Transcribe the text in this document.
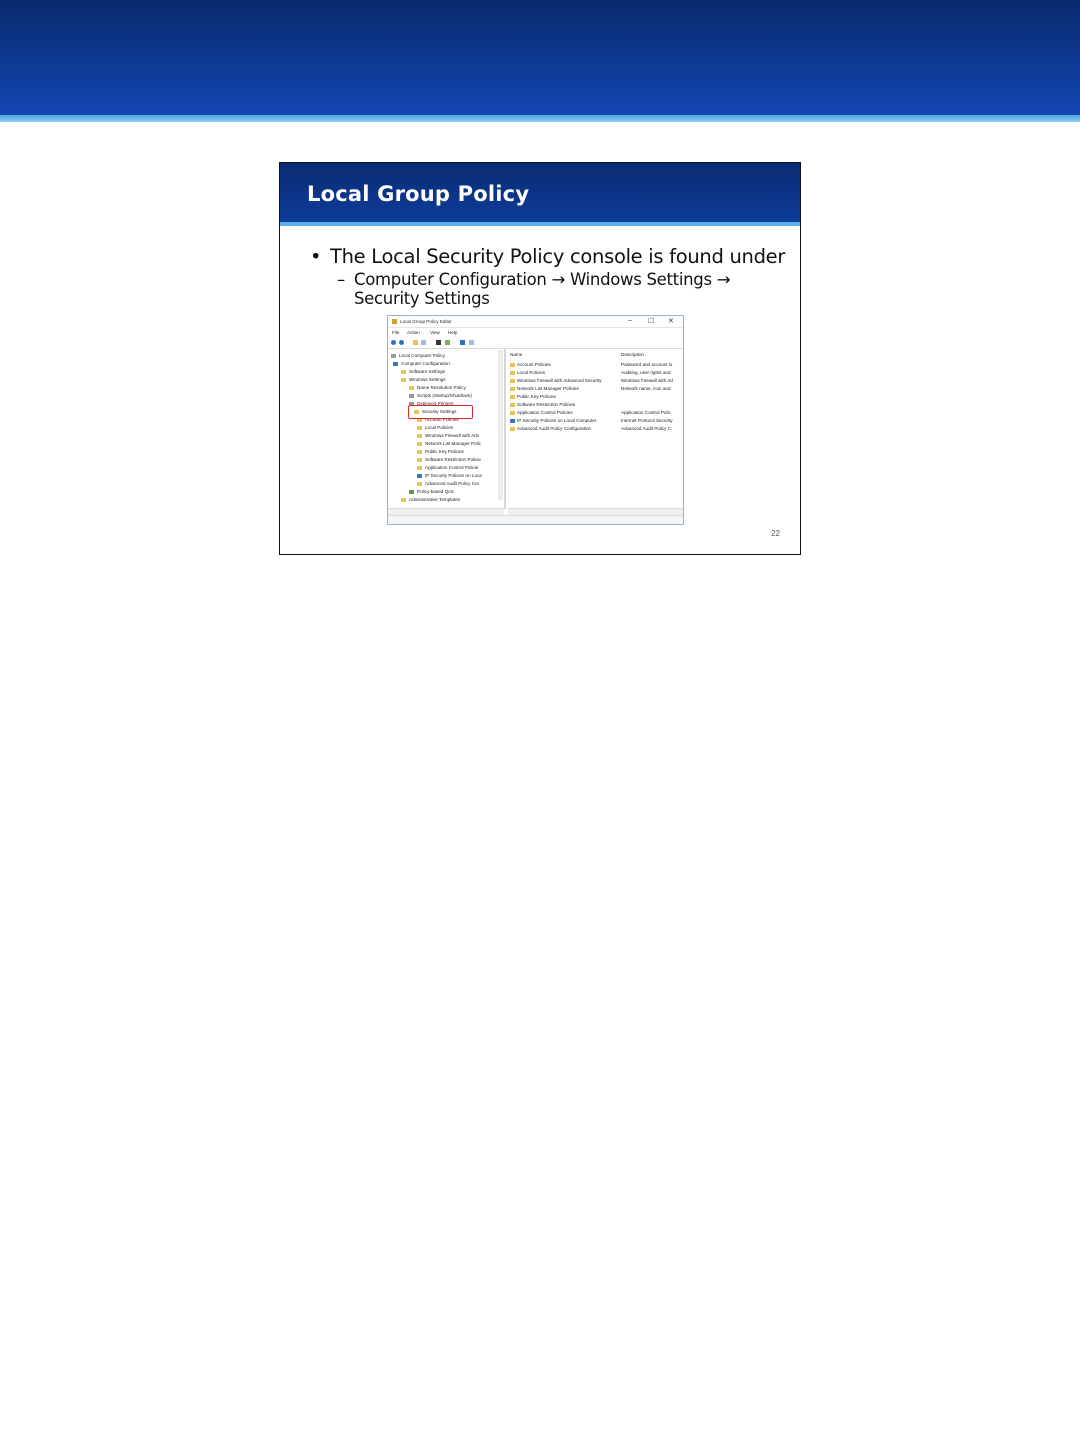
Local Group Policy
• The Local Security Policy console is found under
– Computer Configuration → Windows Settings →
Security Settings
Local Group Policy Editor	– ☐ ✕
File Action View Help
Local Computer Policy
Computer Configuration
Software Settings
Windows Settings
Name Resolution Policy
Scripts (Startup/Shutdown)
Deployed Printers
Security Settings
Account Policies
Local Policies
Windows Firewall with Adv
Network List Manager Polic
Public Key Policies
Software Restriction Policie
Application Control Policie
IP Security Policies on Loca
Advanced Audit Policy Cor
Policy-based QoS
Administrative Templates
Name	Description
Account Policies	Password and account lo
Local Policies	Auditing, user rights and
Windows Firewall with Advanced Security	Windows Firewall with Ad
Network List Manager Policies	Network name, icon and
Public Key Policies
Software Restriction Policies
Application Control Policies	Application Control Polic
IP Security Policies on Local Computer	Internet Protocol Security
Advanced Audit Policy Configuration	Advanced Audit Policy C
22
